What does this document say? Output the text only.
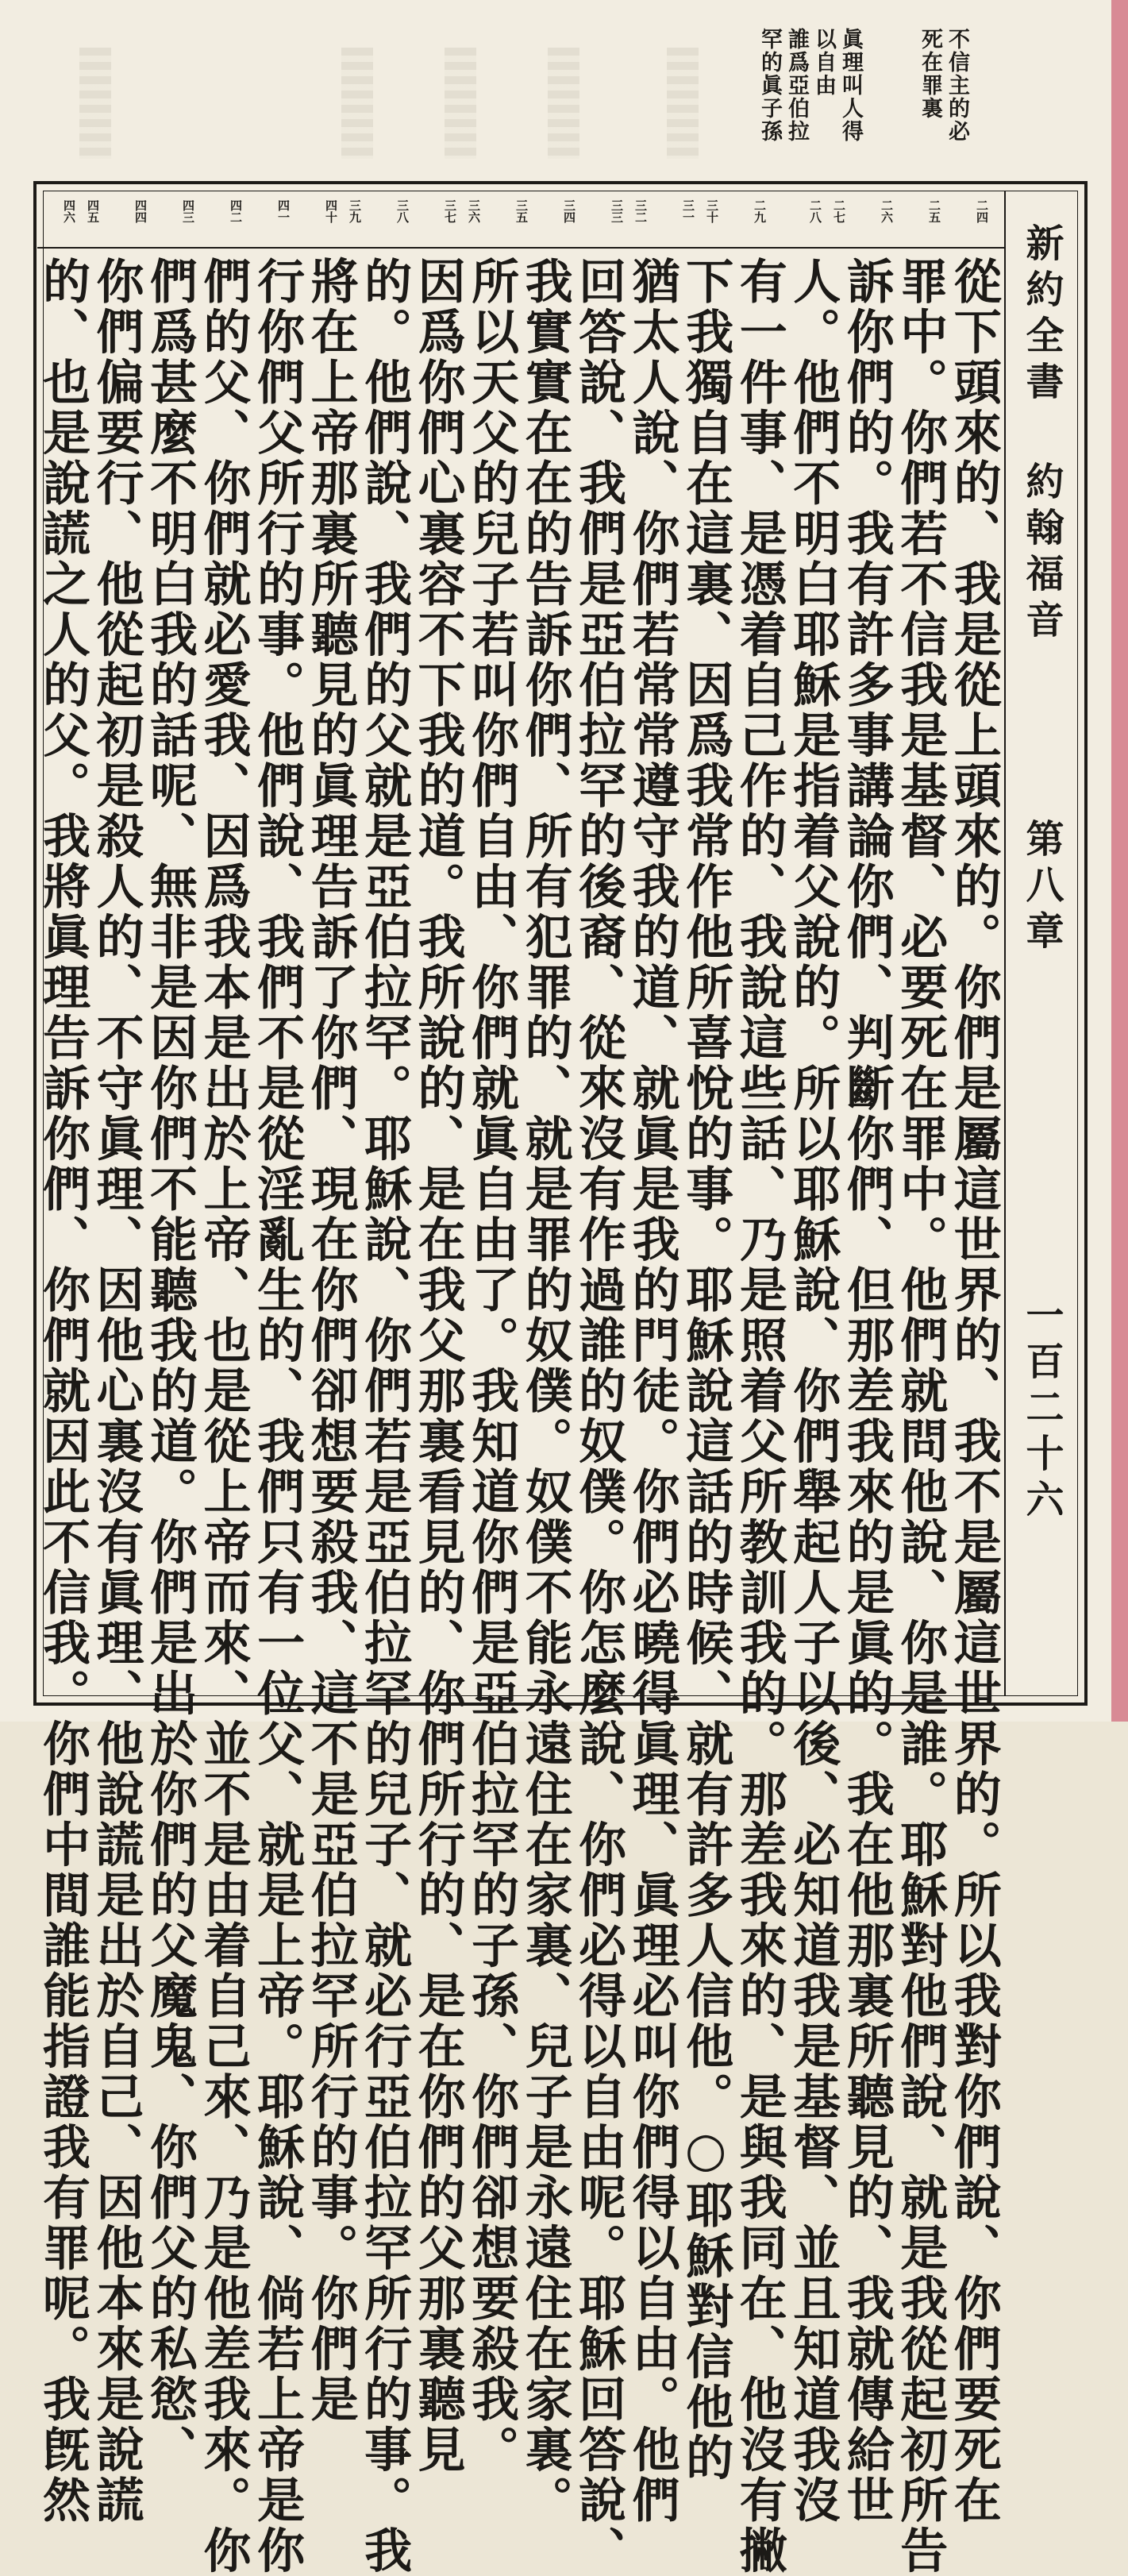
不信主的必
死在罪裏
眞理叫人得
以自由
誰爲亞伯拉
罕的眞子孫
新約全書
約翰福音
第八章
一百二十六
二四
二五
二六
二七
二八
二九
三十
三一
三二
三三
三四
三五
三六
三七
三八
三九
四十
四一
四二
四三
四四
四五
四六
從下頭來的、我是從上頭來的。你們是屬這世界的、我不是屬這世界的。所以我對你們說、你們要死在
罪中。你們若不信我是基督、必要死在罪中。他們就問他說、你是誰。耶穌對他們說、就是我從起初所告
訴你們的。我有許多事講論你們、判斷你們、但那差我來的是眞的。我在他那裏所聽見的、我就傳給世
人。他們不明白耶穌是指着父說的。所以耶穌說、你們舉起人子以後、必知道我是基督、並且知道我沒
有一件事、是憑着自己作的、我說這些話、乃是照着父所教訓我的。那差我來的、是與我同在、他沒有撇
下我獨自在這裏、因爲我常作他所喜悅的事。耶穌說這話的時候、就有許多人信他。○耶穌對信他的
猶太人說、你們若常常遵守我的道、就眞是我的門徒。你們必曉得眞理、眞理必叫你們得以自由。他們
回答說、我們是亞伯拉罕的後裔、從來沒有作過誰的奴僕。你怎麼說、你們必得以自由呢。耶穌回答說、
我實實在在的告訴你們、所有犯罪的、就是罪的奴僕。奴僕不能永遠住在家裏、兒子是永遠住在家裏。
所以天父的兒子若叫你們自由、你們就眞自由了。我知道你們是亞伯拉罕的子孫、你們卻想要殺我。
因爲你們心裏容不下我的道。我所說的、是在我父那裏看見的、你們所行的、是在你們的父那裏聽見
的。他們說、我們的父就是亞伯拉罕。耶穌說、你們若是亞伯拉罕的兒子、就必行亞伯拉罕所行的事。我
將在上帝那裏所聽見的眞理告訴了你們、現在你們卻想要殺我、這不是亞伯拉罕所行的事。你們是
行你們父所行的事。他們說、我們不是從淫亂生的、我們只有一位父、就是上帝。耶穌說、倘若上帝是你
們的父、你們就必愛我、因爲我本是出於上帝、也是從上帝而來、並不是由着自己來、乃是他差我來。你
們爲甚麼不明白我的話呢、無非是因你們不能聽我的道。你們是出於你們的父魔鬼、你們父的私慾、
你們偏要行、他從起初是殺人的、不守眞理、因他心裏沒有眞理、他說謊是出於自己、因他本來是說謊
的、也是說謊之人的父。我將眞理告訴你們、你們就因此不信我。你們中間誰能指證我有罪呢。我旣然
